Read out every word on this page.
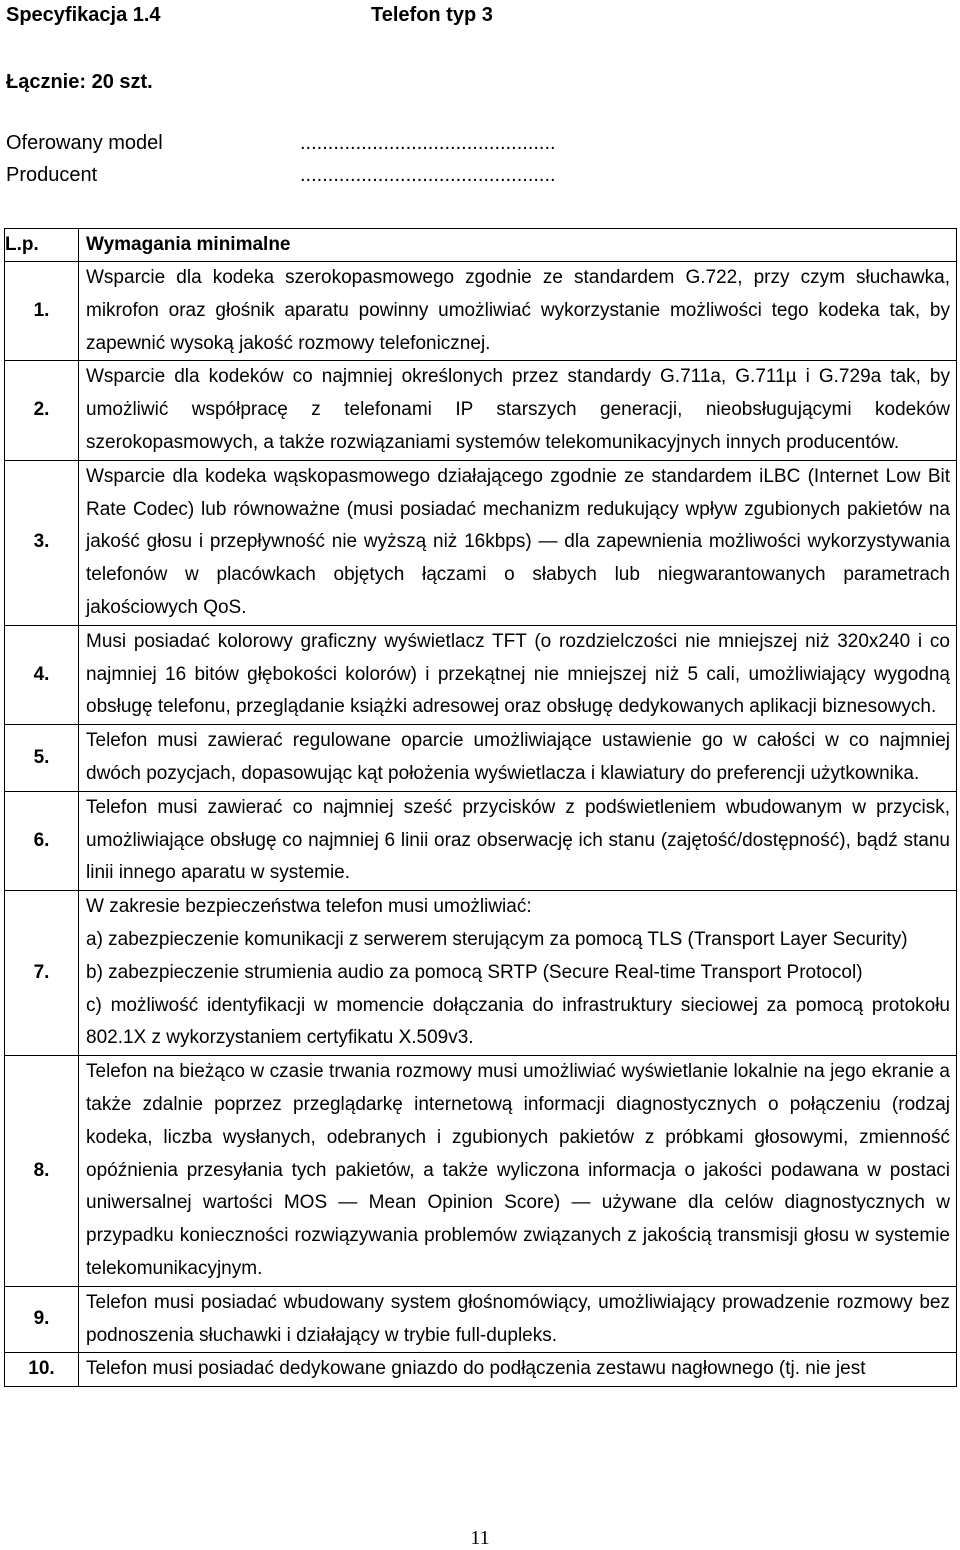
Specyfikacja 1.4	Telefon typ 3
Łącznie: 20 szt.
Oferowany model	..............................................
Producent	..............................................
L.p.	Wymagania minimalne
1.	Wsparcie dla kodeka szerokopasmowego zgodnie ze standardem G.722, przy czym słuchawka, mikrofon oraz głośnik aparatu powinny umożliwiać wykorzystanie możliwości tego kodeka tak, by zapewnić wysoką jakość rozmowy telefonicznej.

2.	Wsparcie dla kodeków co najmniej określonych przez standardy G.711a, G.711µ i G.729a tak, by umożliwić współpracę z telefonami IP starszych generacji, nieobsługującymi kodeków szerokopasmowych, a także rozwiązaniami systemów telekomunikacyjnych innych producentów.

3.	Wsparcie dla kodeka wąskopasmowego działającego zgodnie ze standardem iLBC (Internet Low Bit Rate Codec) lub równoważne (musi posiadać mechanizm redukujący wpływ zgubionych pakietów na jakość głosu i przepływność nie wyższą niż 16kbps) — dla zapewnienia możliwości wykorzystywania telefonów w placówkach objętych łączami o słabych lub niegwarantowanych parametrach jakościowych QoS.

4.	Musi posiadać kolorowy graficzny wyświetlacz TFT (o rozdzielczości nie mniejszej niż 320x240 i co najmniej 16 bitów głębokości kolorów) i przekątnej nie mniejszej niż 5 cali, umożliwiający wygodną obsługę telefonu, przeglądanie książki adresowej oraz obsługę dedykowanych aplikacji biznesowych.

5.	Telefon musi zawierać regulowane oparcie umożliwiające ustawienie go w całości w co najmniej dwóch pozycjach, dopasowując kąt położenia wyświetlacza i klawiatury do preferencji użytkownika.

6.	Telefon musi zawierać co najmniej sześć przycisków z podświetleniem wbudowanym w przycisk, umożliwiające obsługę co najmniej 6 linii oraz obserwację ich stanu (zajętość/dostępność), bądź stanu linii innego aparatu w systemie.

7.	W zakresie bezpieczeństwa telefon musi umożliwiać:

a) zabezpieczenie komunikacji z serwerem sterującym za pomocą TLS (Transport Layer Security)

b) zabezpieczenie strumienia audio za pomocą SRTP (Secure Real-time Transport Protocol)

c) możliwość identyfikacji w momencie dołączania do infrastruktury sieciowej za pomocą protokołu 802.1X z wykorzystaniem certyfikatu X.509v3.

8.	Telefon na bieżąco w czasie trwania rozmowy musi umożliwiać wyświetlanie lokalnie na jego ekranie a także zdalnie poprzez przeglądarkę internetową informacji diagnostycznych o połączeniu (rodzaj kodeka, liczba wysłanych, odebranych i zgubionych pakietów z próbkami głosowymi, zmienność opóźnienia przesyłania tych pakietów, a także wyliczona informacja o jakości podawana w postaci uniwersalnej wartości MOS — Mean Opinion Score) — używane dla celów diagnostycznych w przypadku konieczności rozwiązywania problemów związanych z jakością transmisji głosu w systemie telekomunikacyjnym.

9.	Telefon musi posiadać wbudowany system głośnomówiący, umożliwiający prowadzenie rozmowy bez podnoszenia słuchawki i działający w trybie full-dupleks.

10.	Telefon musi posiadać dedykowane gniazdo do podłączenia zestawu nagłownego (tj. nie jest

11
